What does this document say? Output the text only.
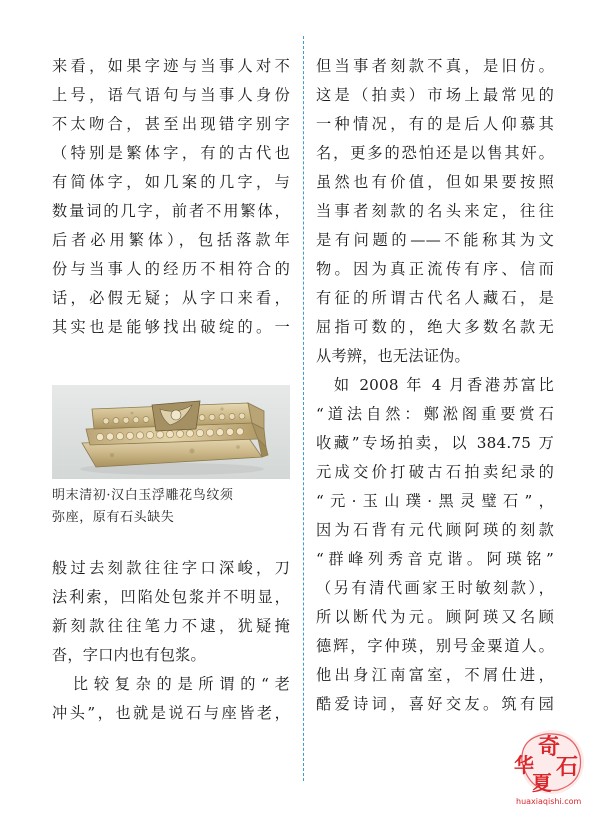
来看，如果字迹与当事人对不
上号，语气语句与当事人身份
不太吻合，甚至出现错字别字
（特别是繁体字，有的古代也
有简体字，如几案的几字，与
数量词的几字，前者不用繁体，
后者必用繁体），包括落款年
份与当事人的经历不相符合的
话，必假无疑；从字口来看，
其实也是能够找出破绽的。一
明末清初·汉白玉浮雕花鸟纹须
弥座，原有石头缺失
般过去刻款往往字口深峻，刀
法利索，凹陷处包浆并不明显，
新刻款往往笔力不逮，犹疑掩
沓，字口内也有包浆。
　比较复杂的是所谓的“老
冲头”，也就是说石与座皆老，
但当事者刻款不真，是旧仿。
这是（拍卖）市场上最常见的
一种情况，有的是后人仰慕其
名，更多的恐怕还是以售其奸。
虽然也有价值，但如果要按照
当事者刻款的名头来定，往往
是有问题的——不能称其为文
物。因为真正流传有序、信而
有征的所谓古代名人藏石，是
屈指可数的，绝大多数名款无
从考辨，也无法证伪。
　如 2008 年 4 月香港苏富比
“道法自然：鄭淞阁重要赏石
收藏”专场拍卖，以 384.75 万
元成交价打破古石拍卖纪录的
“元·玉山璞·黑灵璧石”，
因为石背有元代顾阿瑛的刻款
“群峰列秀音克谐。阿瑛铭”
（另有清代画家王时敏刻款），
所以断代为元。顾阿瑛又名顾
德辉，字仲瑛，别号金粟道人。
他出身江南富室，不屑仕进，
酷爱诗词，喜好交友。筑有园
奇
华 石
夏
huaxiaqishi.com
